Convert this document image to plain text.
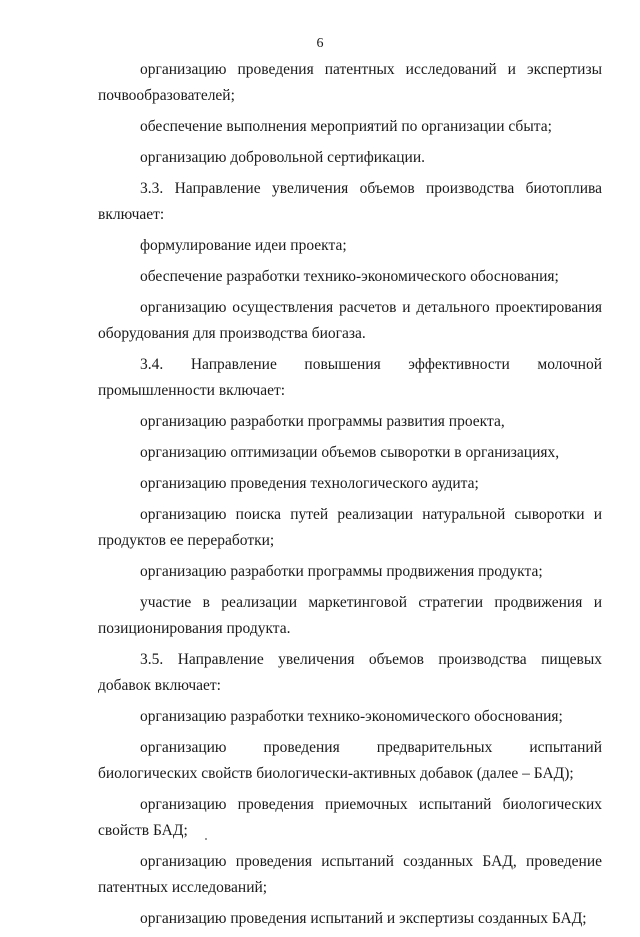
6

организацию проведения патентных исследований и экспертизы почвообразователей;

обеспечение выполнения мероприятий по организации сбыта;

организацию добровольной сертификации.

3.3. Направление увеличения объемов производства биотоплива включает:

формулирование идеи проекта;

обеспечение разработки технико-экономического обоснования;

организацию осуществления расчетов и детального проектирования оборудования для производства биогаза.

3.4. Направление повышения эффективности молочной промышленности включает:

организацию разработки программы развития проекта,

организацию оптимизации объемов сыворотки в организациях,

организацию проведения технологического аудита;

организацию поиска путей реализации натуральной сыворотки и продуктов ее переработки;

организацию разработки программы продвижения продукта;

участие в реализации маркетинговой стратегии продвижения и позиционирования продукта.

3.5. Направление увеличения объемов производства пищевых добавок включает:

организацию разработки технико-экономического обоснования;

организацию проведения предварительных испытаний биологических свойств биологически-активных добавок (далее – БАД);

организацию проведения приемочных испытаний биологических свойств БАД;

организацию проведения испытаний созданных БАД, проведение патентных исследований;

организацию проведения испытаний и экспертизы созданных БАД;
